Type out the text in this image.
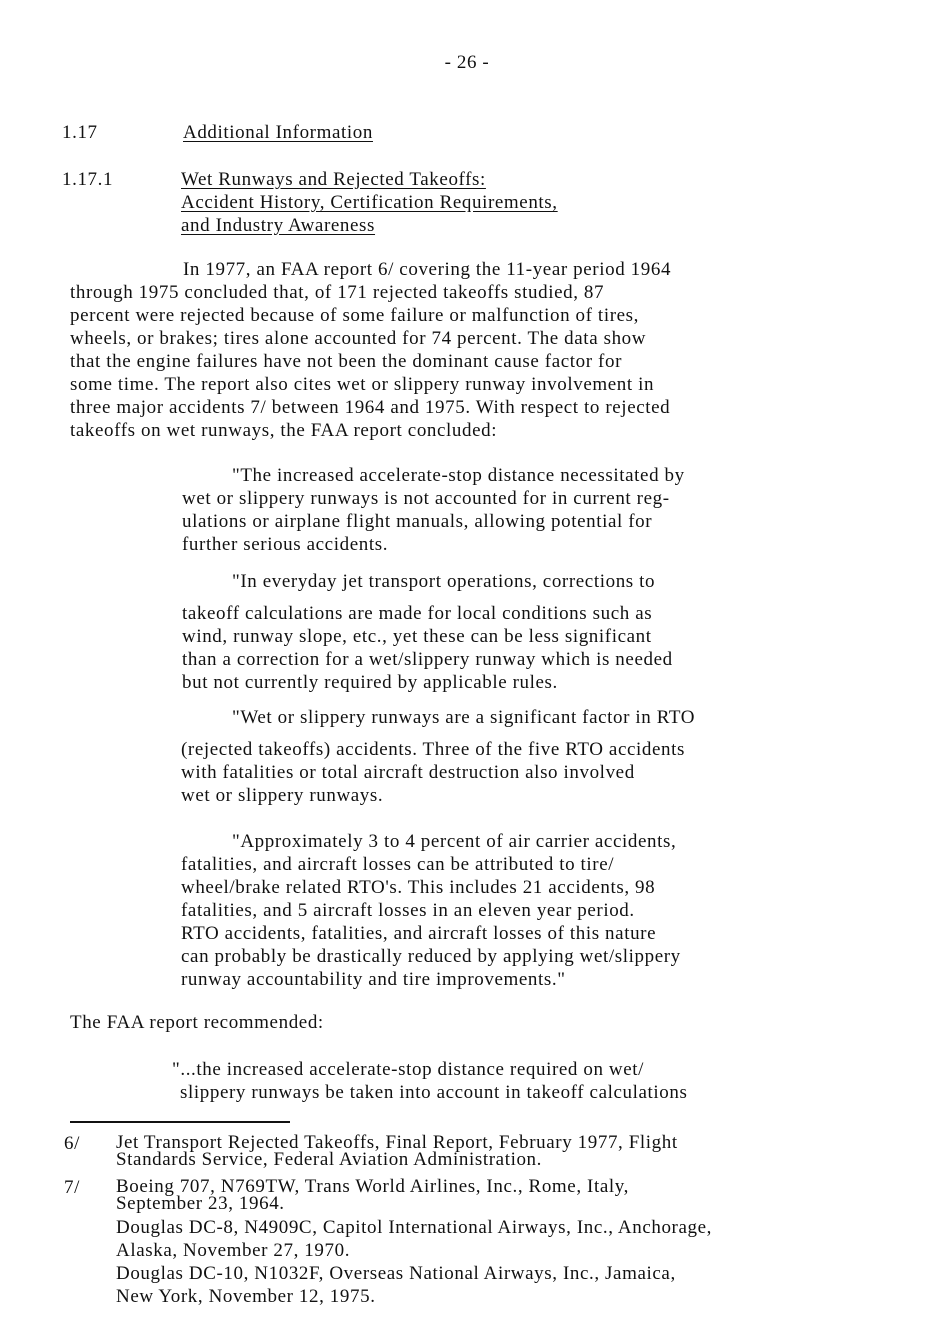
- 26 -
1.17	Additional Information
1.17.1	Wet Runways and Rejected Takeoffs:
Accident History, Certification Requirements,
and Industry Awareness
In 1977, an FAA report 6/ covering the 11-year period 1964
through 1975 concluded that, of 171 rejected takeoffs studied, 87
percent were rejected because of some failure or malfunction of tires,
wheels, or brakes; tires alone accounted for 74 percent. The data show
that the engine failures have not been the dominant cause factor for
some time. The report also cites wet or slippery runway involvement in
three major accidents 7/ between 1964 and 1975. With respect to rejected
takeoffs on wet runways, the FAA report concluded:
"The increased accelerate-stop distance necessitated by
wet or slippery runways is not accounted for in current reg-
ulations or airplane flight manuals, allowing potential for
further serious accidents.
"In everyday jet transport operations, corrections to
takeoff calculations are made for local conditions such as
wind, runway slope, etc., yet these can be less significant
than a correction for a wet/slippery runway which is needed
but not currently required by applicable rules.
"Wet or slippery runways are a significant factor in RTO
(rejected takeoffs) accidents. Three of the five RTO accidents
with fatalities or total aircraft destruction also involved
wet or slippery runways.
"Approximately 3 to 4 percent of air carrier accidents,
fatalities, and aircraft losses can be attributed to tire/
wheel/brake related RTO's. This includes 21 accidents, 98
fatalities, and 5 aircraft losses in an eleven year period.
RTO accidents, fatalities, and aircraft losses of this nature
can probably be drastically reduced by applying wet/slippery
runway accountability and tire improvements."
The FAA report recommended:
"...the increased accelerate-stop distance required on wet/
slippery runways be taken into account in takeoff calculations
6/ Jet Transport Rejected Takeoffs, Final Report, February 1977, Flight
Standards Service, Federal Aviation Administration.
7/ Boeing 707, N769TW, Trans World Airlines, Inc., Rome, Italy,
September 23, 1964.
Douglas DC-8, N4909C, Capitol International Airways, Inc., Anchorage,
Alaska, November 27, 1970.
Douglas DC-10, N1032F, Overseas National Airways, Inc., Jamaica,
New York, November 12, 1975.
